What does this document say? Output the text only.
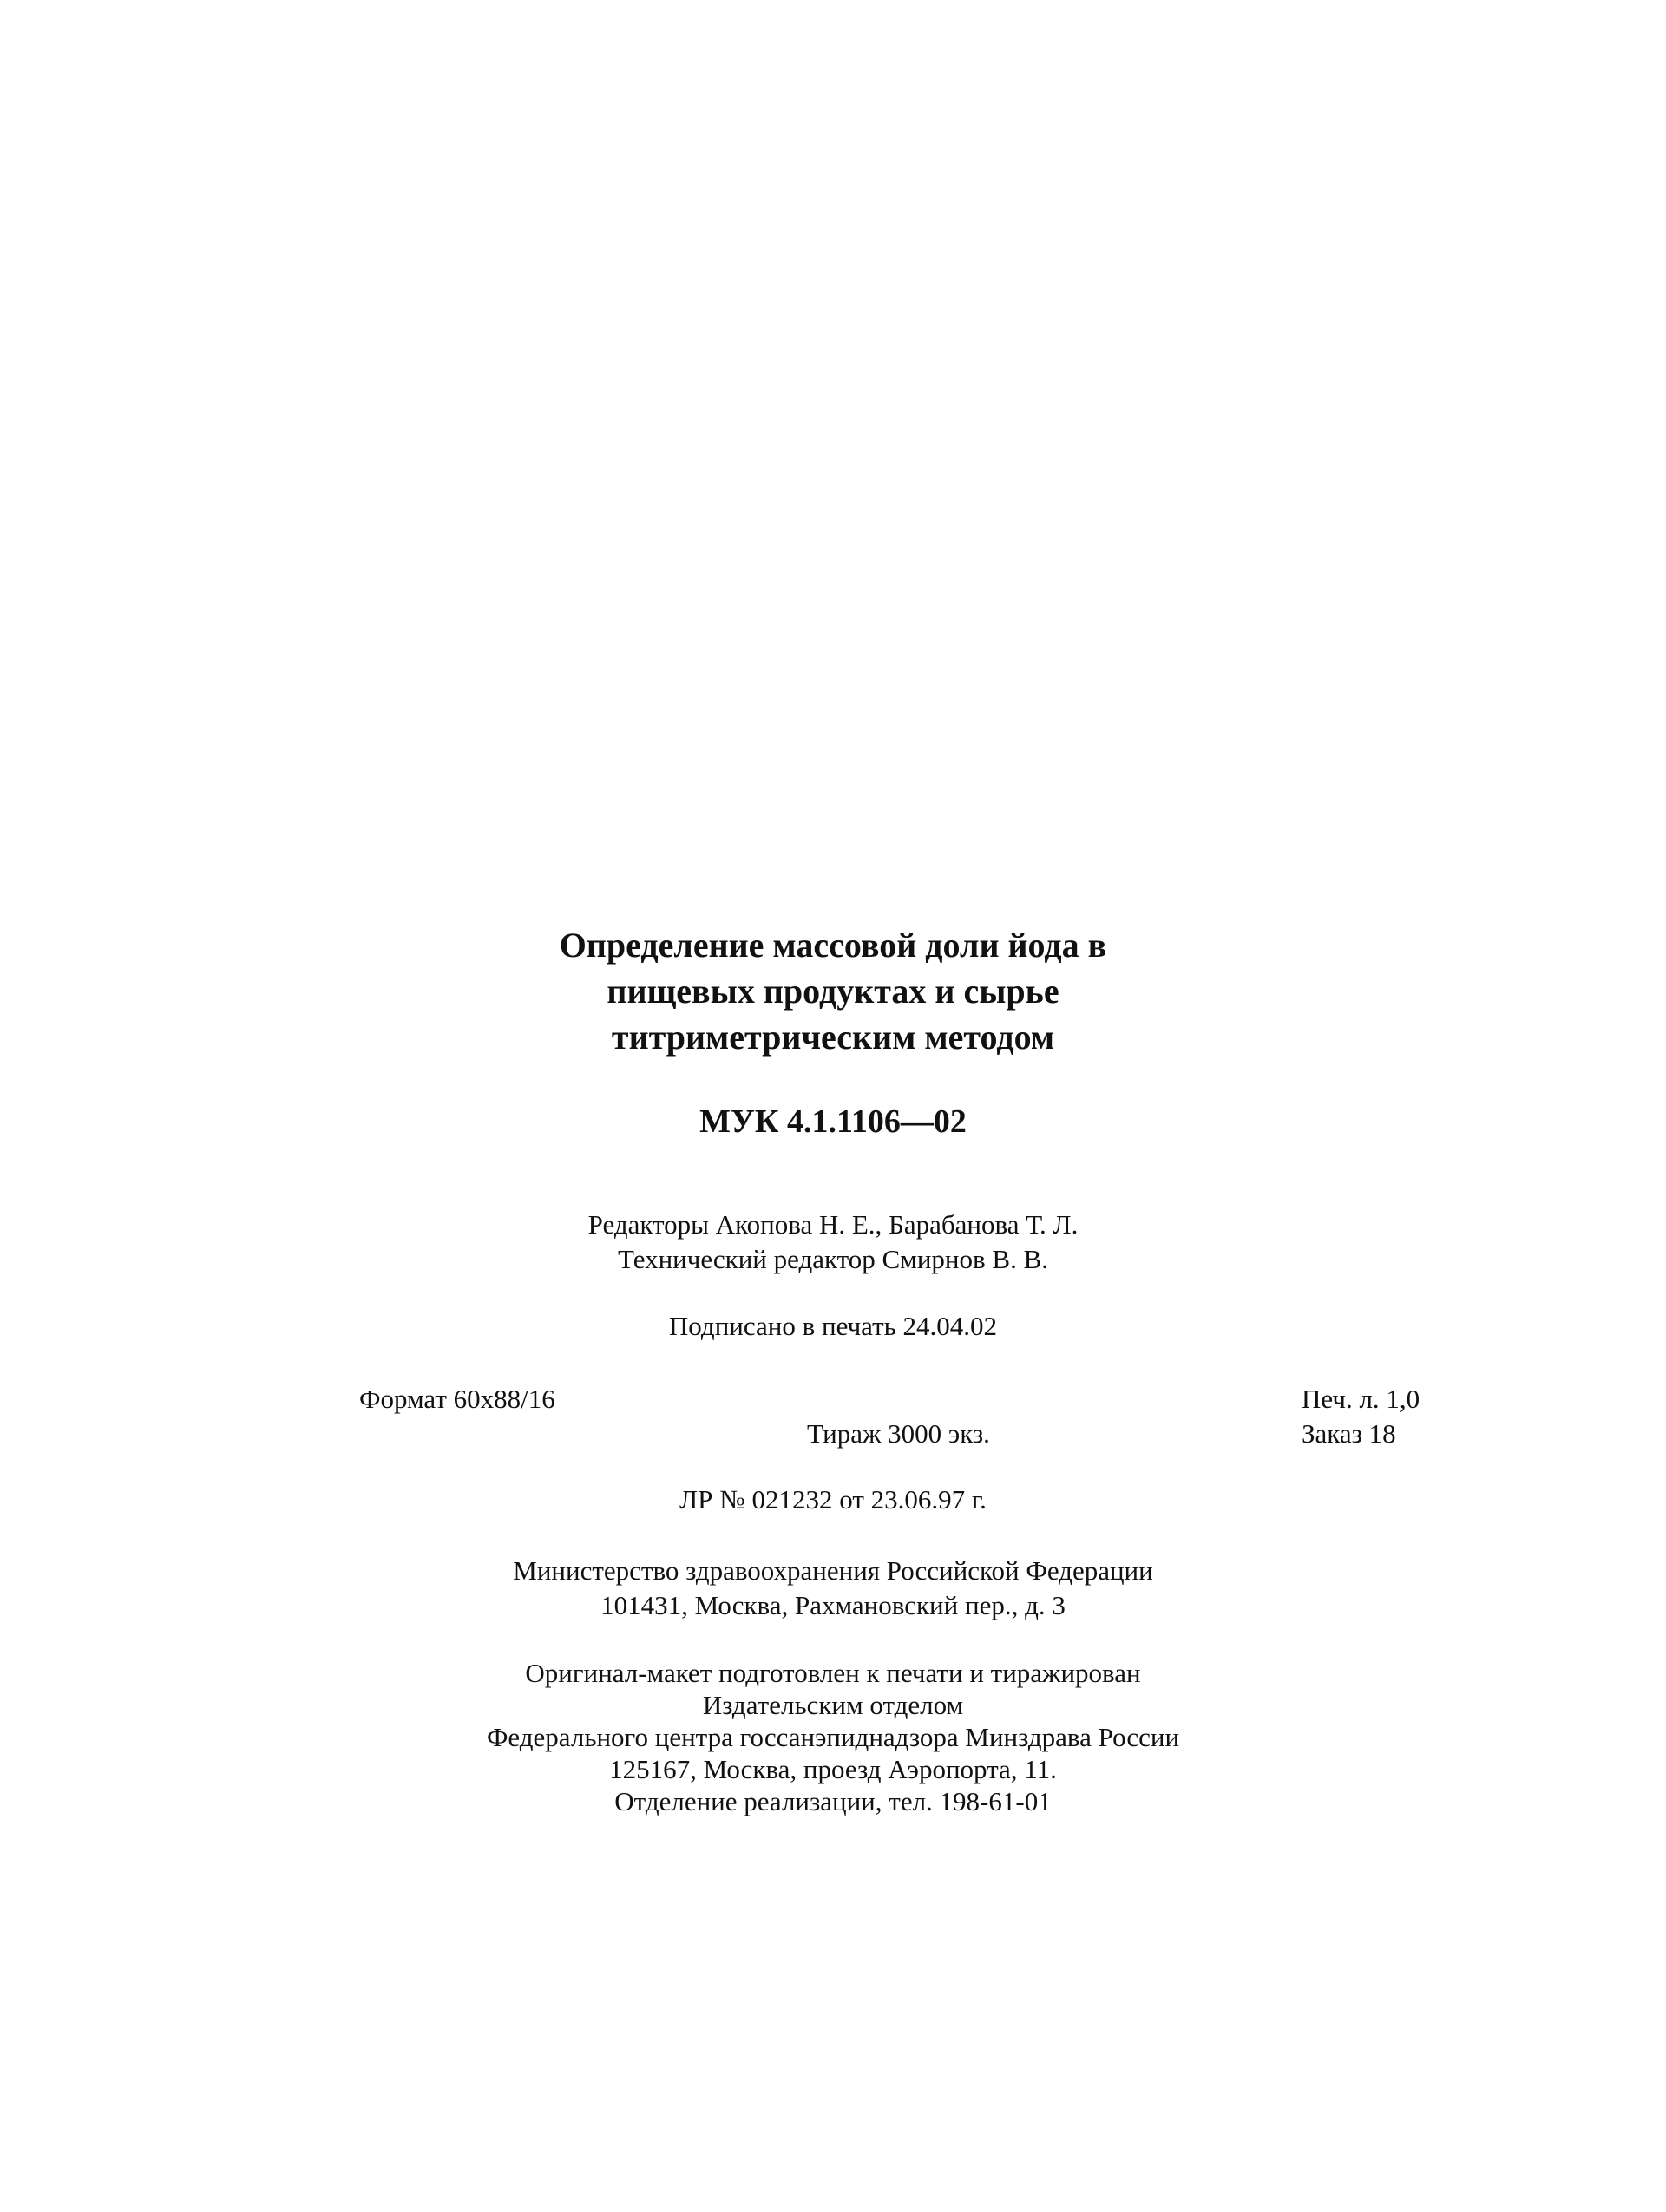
Определение массовой доли йода в
пищевых продуктах и сырье
титриметрическим методом
МУК 4.1.1106—02
Редакторы Акопова Н. Е., Барабанова Т. Л.
Технический редактор Смирнов В. В.
Подписано в печать 24.04.02
Формат 60x88/16	Печ. л. 1,0
Тираж 3000 экз.	Заказ 18
ЛР № 021232 от 23.06.97 г.
Министерство здравоохранения Российской Федерации
101431, Москва, Рахмановский пер., д. 3
Оригинал-макет подготовлен к печати и тиражирован
Издательским отделом
Федерального центра госсанэпиднадзора Минздрава России
125167, Москва, проезд Аэропорта, 11.
Отделение реализации, тел. 198-61-01
